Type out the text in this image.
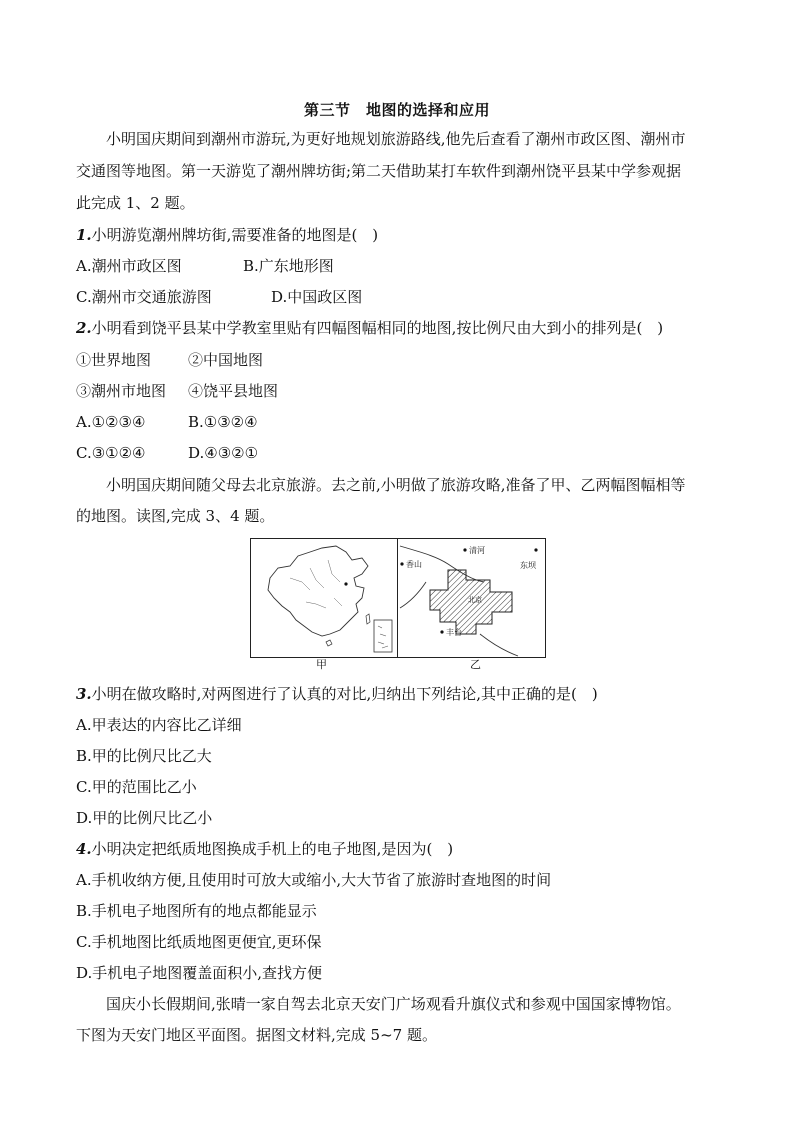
第三节　地图的选择和应用
小明国庆期间到潮州市游玩,为更好地规划旅游路线,他先后查看了潮州市政区图、潮州市
交通图等地图。第一天游览了潮州牌坊街;第二天借助某打车软件到潮州饶平县某中学参观据
此完成 1、2 题。
1.小明游览潮州牌坊街,需要准备的地图是(　)
A.潮州市政区图	B.广东地形图
C.潮州市交通旅游图	D.中国政区图
2.小明看到饶平县某中学教室里贴有四幅图幅相同的地图,按比例尺由大到小的排列是(　)
①世界地图 ②中国地图
③潮州市地图 ④饶平县地图
A.①②③④	B.①③②④
C.③①②④	D.④③②①
小明国庆期间随父母去北京旅游。去之前,小明做了旅游攻略,准备了甲、乙两幅图幅相等
的地图。读图,完成 3、4 题。
清河
香山	东坝
北京
丰台
甲	乙
3.小明在做攻略时,对两图进行了认真的对比,归纳出下列结论,其中正确的是(　)
A.甲表达的内容比乙详细
B.甲的比例尺比乙大
C.甲的范围比乙小
D.甲的比例尺比乙小
4.小明决定把纸质地图换成手机上的电子地图,是因为(　)
A.手机收纳方便,且使用时可放大或缩小,大大节省了旅游时查地图的时间
B.手机电子地图所有的地点都能显示
C.手机地图比纸质地图更便宜,更环保
D.手机电子地图覆盖面积小,查找方便
国庆小长假期间,张晴一家自驾去北京天安门广场观看升旗仪式和参观中国国家博物馆。
下图为天安门地区平面图。据图文材料,完成 5~7 题。
